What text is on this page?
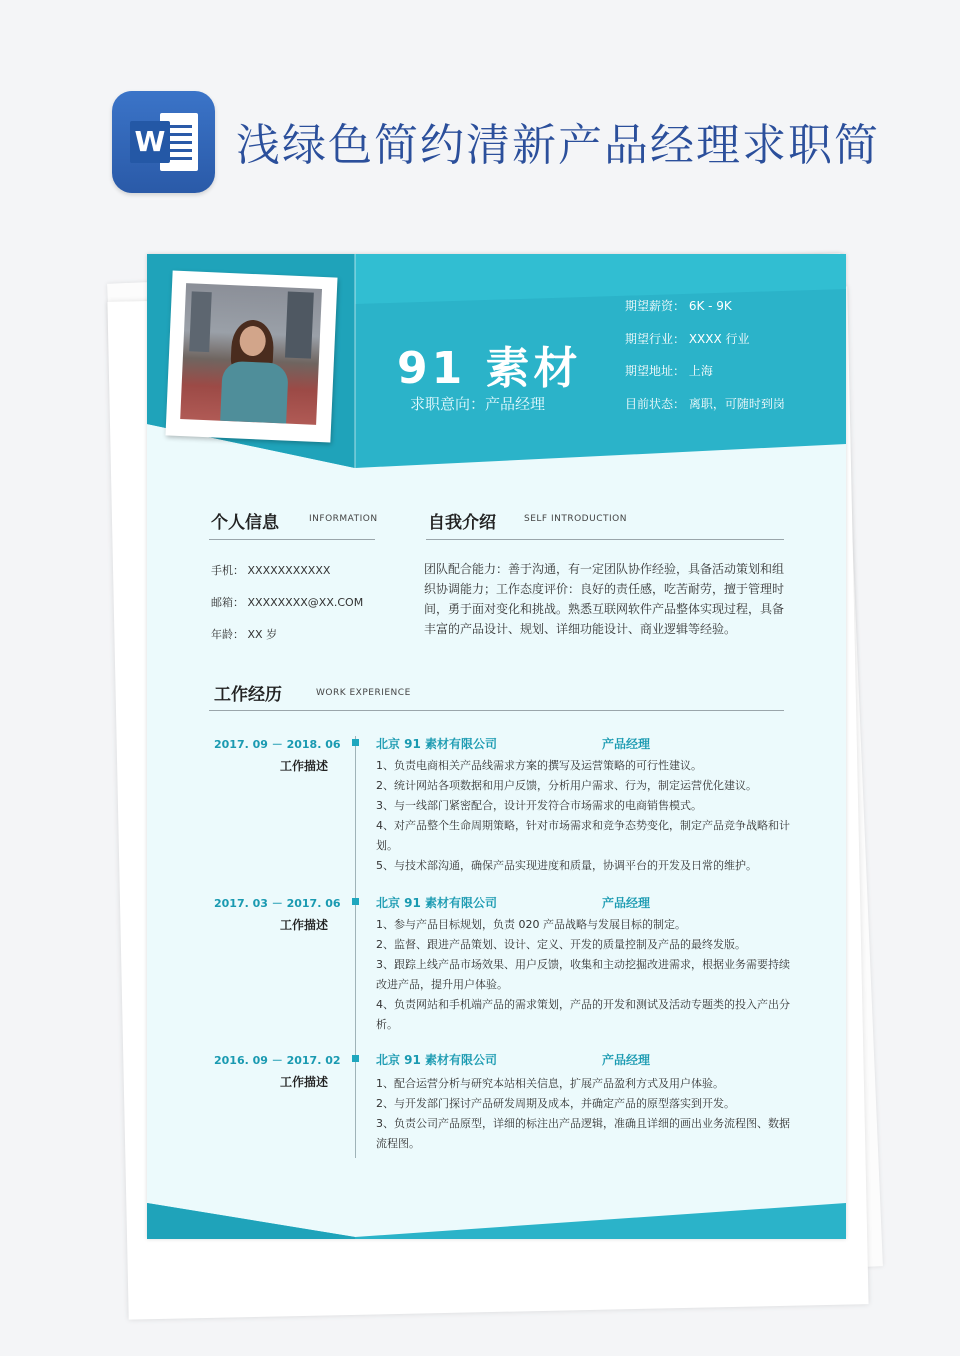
W 浅绿色简约清新产品经理求职简
91 素材
求职意向：产品经理
期望薪资： 6K - 9K
期望行业： XXXX 行业
期望地址： 上海
目前状态： 离职，可随时到岗
个人信息	INFORMATION
手机： XXXXXXXXXXX
邮箱： XXXXXXXX@XX.COM
年龄： XX 岁
自我介绍	SELF INTRODUCTION
团队配合能力：善于沟通，有一定团队协作经验，具备活动策划和组织协调能力；工作态度评价：良好的责任感，吃苦耐劳，擅于管理时间，勇于面对变化和挑战。熟悉互联网软件产品整体实现过程，具备丰富的产品设计、规划、详细功能设计、商业逻辑等经验。
工作经历	WORK EXPERIENCE
2017. 09 － 2018. 06
工作描述
北京 91 素材有限公司	产品经理
1、负责电商相关产品线需求方案的撰写及运营策略的可行性建议。
2、统计网站各项数据和用户反馈，分析用户需求、行为，制定运营优化建议。
3、与一线部门紧密配合，设计开发符合市场需求的电商销售模式。
4、对产品整个生命周期策略，针对市场需求和竞争态势变化，制定产品竞争战略和计划。
5、与技术部沟通，确保产品实现进度和质量，协调平台的开发及日常的维护。
2017. 03 － 2017. 06
工作描述
北京 91 素材有限公司	产品经理
1、参与产品目标规划，负责 020 产品战略与发展目标的制定。
2、监督、跟进产品策划、设计、定义、开发的质量控制及产品的最终发版。
3、跟踪上线产品市场效果、用户反馈，收集和主动挖掘改进需求，根据业务需要持续改进产品，提升用户体验。
4、负责网站和手机端产品的需求策划，产品的开发和测试及活动专题类的投入产出分析。
2016. 09 － 2017. 02
工作描述
北京 91 素材有限公司	产品经理
1、配合运营分析与研究本站相关信息，扩展产品盈利方式及用户体验。
2、与开发部门探讨产品研发周期及成本，并确定产品的原型落实到开发。
3、负责公司产品原型，详细的标注出产品逻辑，准确且详细的画出业务流程图、数据流程图。
